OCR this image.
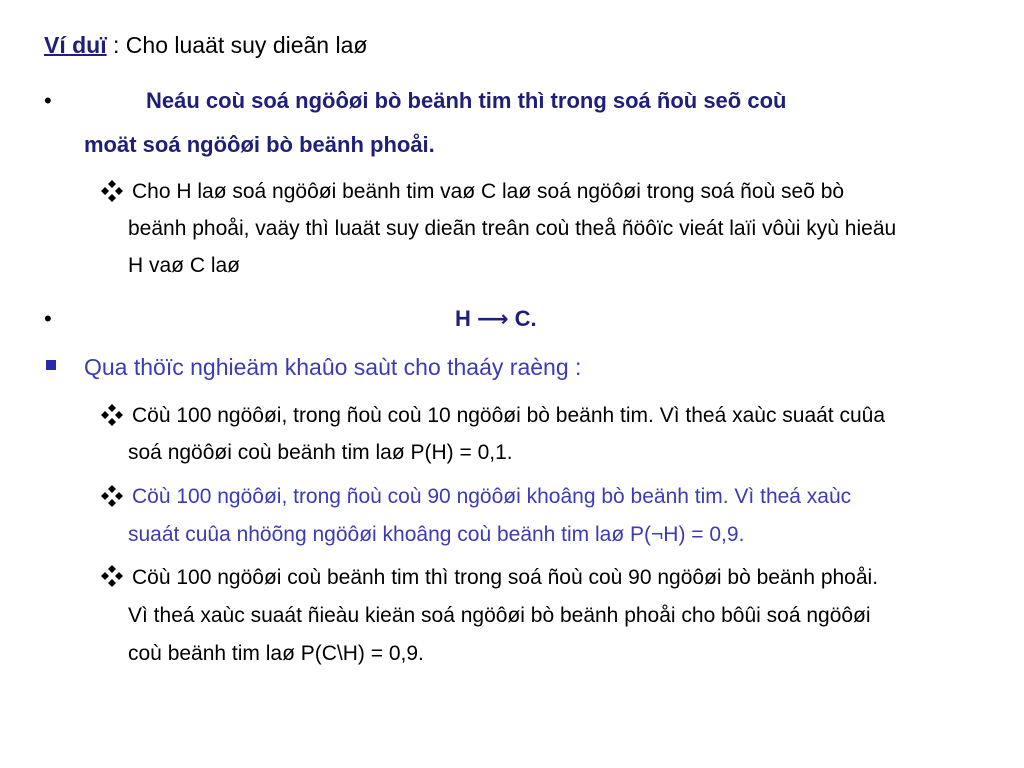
Ví duï : Cho luaät suy dieãn laø
•	Neáu coù soá ngöôøi bò beänh tim thì trong soá ñoù seõ coù
moät soá ngöôøi bò beänh phoåi.
Cho H laø soá ngöôøi beänh tim vaø C laø soá ngöôøi trong soá ñoù seõ bò
beänh phoåi, vaäy thì luaät suy dieãn treân coù theå ñöôïc vieát laïi vôùi kyù hieäu
H vaø C laø
•	H ⟶ C.
Qua thöïc nghieäm khaûo saùt cho thaáy raèng :
Cöù 100 ngöôøi, trong ñoù coù 10 ngöôøi bò beänh tim. Vì theá xaùc suaát cuûa
soá ngöôøi coù beänh tim laø P(H) = 0,1.
Cöù 100 ngöôøi, trong ñoù coù 90 ngöôøi khoâng bò beänh tim. Vì theá xaùc
suaát cuûa nhöõng ngöôøi khoâng coù beänh tim laø P(¬H) = 0,9.
Cöù 100 ngöôøi coù beänh tim thì trong soá ñoù coù 90 ngöôøi bò beänh phoåi.
Vì theá xaùc suaát ñieàu kieän soá ngöôøi bò beänh phoåi cho bôûi soá ngöôøi
coù beänh tim laø P(C\H) = 0,9.
